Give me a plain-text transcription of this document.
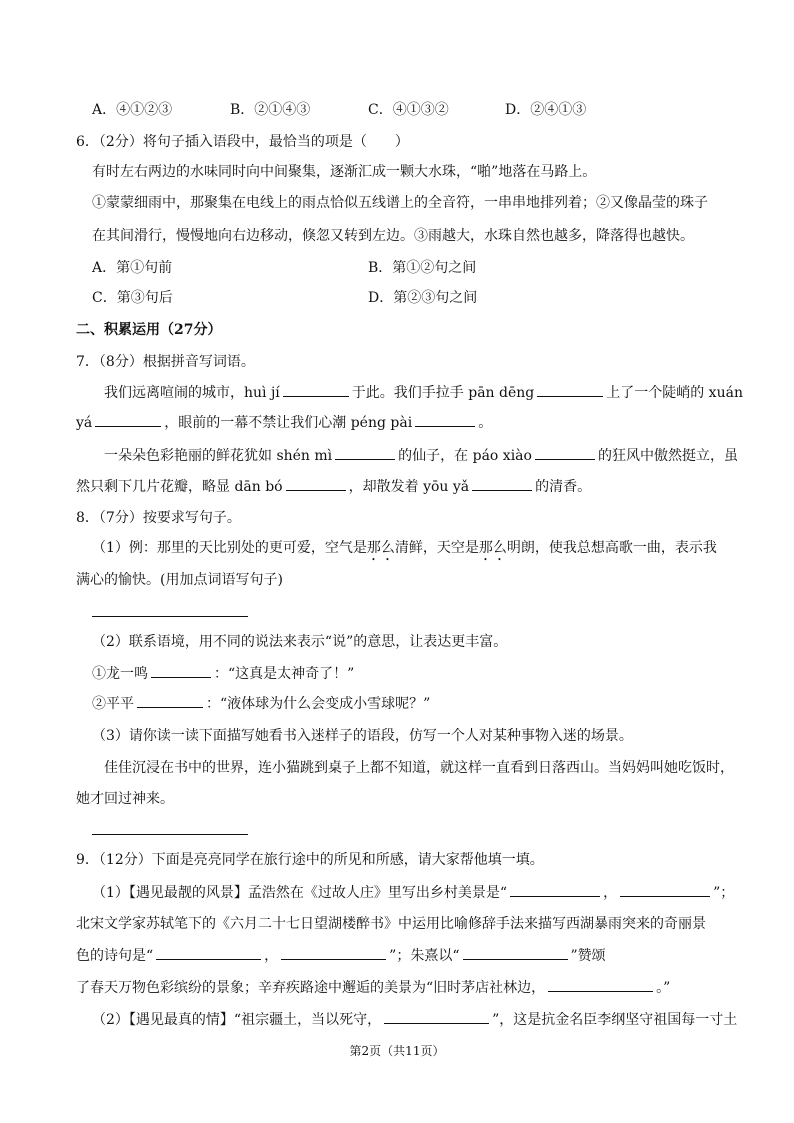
A．④①②③	B．②①④③	C．④①③②	D．②④①③
6．（2分）将句子插入语段中，最恰当的项是（　　）
有时左右两边的水味同时向中间聚集，逐渐汇成一颗大水珠，“啪”地落在马路上。
①蒙蒙细雨中，那聚集在电线上的雨点恰似五线谱上的全音符，一串串地排列着；②又像晶莹的珠子
在其间滑行，慢慢地向右边移动，倏忽又转到左边。③雨越大，水珠自然也越多，降落得也越快。
A．第①句前	B．第①②句之间
C．第③句后	D．第②③句之间
二、积累运用（27分）
7．（8分）根据拼音写词语。
我们远离喧闹的城市，huì jí	于此。我们手拉手 pān dēng	上了一个陡峭的 xuán
yá	，眼前的一幕不禁让我们心潮 péng pài	。
一朵朵色彩艳丽的鲜花犹如 shén mì	的仙子，在 páo xiào	的狂风中傲然挺立，虽
然只剩下几片花瓣，略显 dān bó	，却散发着 yōu yǎ	的清香。
8．（7分）按要求写句子。
（1）例：那里的天比别处的更可爱，空气是那么清鲜，天空是那么明朗，使我总想高歌一曲，表示我
满心的愉快。(用加点词语写句子)
（2）联系语境，用不同的说法来表示“说”的意思，让表达更丰富。
①龙一鸣	：“这真是太神奇了！”
②平平	：“液体球为什么会变成小雪球呢？”
（3）请你读一读下面描写她看书入迷样子的语段，仿写一个人对某种事物入迷的场景。
佳佳沉浸在书中的世界，连小猫跳到桌子上都不知道，就这样一直看到日落西山。当妈妈叫她吃饭时，
她才回过神来。
9．（12分）下面是亮亮同学在旅行途中的所见和所感，请大家帮他填一填。
（1）【遇见最靓的风景】孟浩然在《过故人庄》里写出乡村美景是“	，	”；
北宋文学家苏轼笔下的《六月二十七日望湖楼醉书》中运用比喻修辞手法来描写西湖暴雨突来的奇丽景
色的诗句是“	，	”；朱熹以“	”赞颂
了春天万物色彩缤纷的景象；辛弃疾路途中邂逅的美景为“旧时茅店社林边，	。”
（2）【遇见最真的情】“祖宗疆土，当以死守，	”，这是抗金名臣李纲坚守祖国每一寸土
第2页（共11页）
